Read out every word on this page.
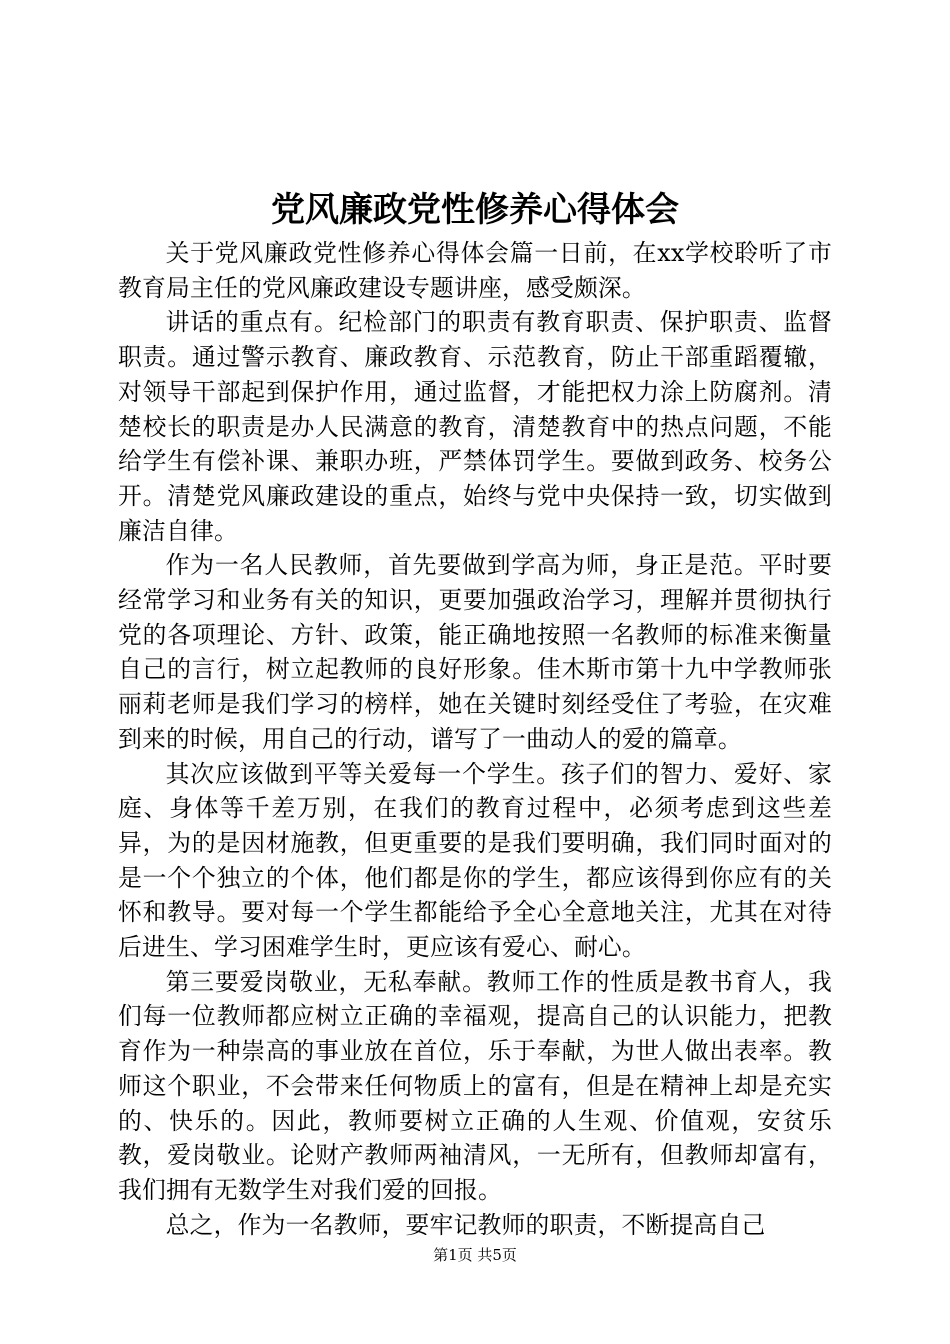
党风廉政党性修养心得体会

关于党风廉政党性修养心得体会篇一日前，在xx学校聆听了市教育局主任的党风廉政建设专题讲座，感受颇深。

讲话的重点有。纪检部门的职责有教育职责、保护职责、监督职责。通过警示教育、廉政教育、示范教育，防止干部重蹈覆辙，对领导干部起到保护作用，通过监督，才能把权力涂上防腐剂。清楚校长的职责是办人民满意的教育，清楚教育中的热点问题，不能给学生有偿补课、兼职办班，严禁体罚学生。要做到政务、校务公开。清楚党风廉政建设的重点，始终与党中央保持一致，切实做到廉洁自律。

作为一名人民教师，首先要做到学高为师，身正是范。平时要经常学习和业务有关的知识，更要加强政治学习，理解并贯彻执行党的各项理论、方针、政策，能正确地按照一名教师的标准来衡量自己的言行，树立起教师的良好形象。佳木斯市第十九中学教师张丽莉老师是我们学习的榜样，她在关键时刻经受住了考验，在灾难到来的时候，用自己的行动，谱写了一曲动人的爱的篇章。

其次应该做到平等关爱每一个学生。孩子们的智力、爱好、家庭、身体等千差万别，在我们的教育过程中，必须考虑到这些差异，为的是因材施教，但更重要的是我们要明确，我们同时面对的是一个个独立的个体，他们都是你的学生，都应该得到你应有的关怀和教导。要对每一个学生都能给予全心全意地关注，尤其在对待后进生、学习困难学生时，更应该有爱心、耐心。

第三要爱岗敬业，无私奉献。教师工作的性质是教书育人，我们每一位教师都应树立正确的幸福观，提高自己的认识能力，把教育作为一种崇高的事业放在首位，乐于奉献，为世人做出表率。教师这个职业，不会带来任何物质上的富有，但是在精神上却是充实的、快乐的。因此，教师要树立正确的人生观、价值观，安贫乐教，爱岗敬业。论财产教师两袖清风，一无所有，但教师却富有，我们拥有无数学生对我们爱的回报。

总之，作为一名教师，要牢记教师的职责，不断提高自己

第1页 共5页
